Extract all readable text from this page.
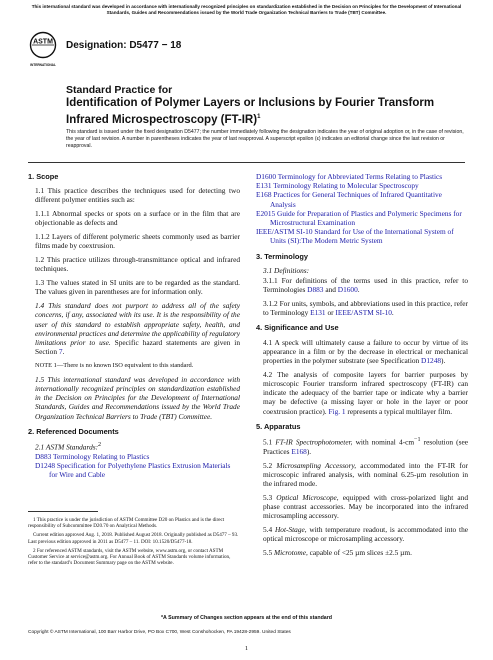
This international standard was developed in accordance with internationally recognized principles on standardization established in the Decision on Principles for the Development of International Standards, Guides and Recommendations issued by the World Trade Organization Technical Barriers to Trade (TBT) Committee.
ASTM
INTERNATIONAL
Designation: D5477 − 18
Standard Practice for
Identification of Polymer Layers or Inclusions by Fourier Transform Infrared Microspectroscopy $(FT-IR)^1$
This standard is issued under the fixed designation D5477; the number immediately following the designation indicates the year of original adoption or, in the case of revision, the year of last revision. A number in parentheses indicates the year of last reapproval. A superscript epsilon (ε) indicates an editorial change since the last revision or reapproval.
1. Scope

1.1 This practice describes the techniques used for detecting two different polymer entities such as:

1.1.1 Abnormal specks or spots on a surface or in the film that are objectionable as defects and

1.1.2 Layers of different polymeric sheets commonly used as barrier films made by coextrusion.

1.2 This practice utilizes through-transmittance optical and infrared techniques.

1.3 The values stated in SI units are to be regarded as the standard. The values given in parentheses are for information only.

1.4 This standard does not purport to address all of the safety concerns, if any, associated with its use. It is the responsibility of the user of this standard to establish appropriate safety, health, and environmental practices and determine the applicability of regulatory limitations prior to use. Specific hazard statements are given in Section 7.

NOTE 1—There is no known ISO equivalent to this standard.

1.5 This international standard was developed in accordance with internationally recognized principles on standardization established in the Decision on Principles for the Development of International Standards, Guides and Recommendations issued by the World Trade Organization Technical Barriers to Trade (TBT) Committee.

2. Referenced Documents

2.1 ASTM Standards:$^2$

D883 Terminology Relating to Plastics
D1248 Specification for Polyethylene Plastics Extrusion Materials for Wire and Cable

1 This practice is under the jurisdiction of ASTM Committee D20 on Plastics and is the direct responsibility of Subcommittee D20.70 on Analytical Methods.

Current edition approved Aug. 1, 2018. Published August 2018. Originally published as D5477 – 93. Last previous edition approved in 2011 as D5477 – 11. DOI: 10.1520/D5477-18.

2 For referenced ASTM standards, visit the ASTM website, www.astm.org, or contact ASTM Customer Service at service@astm.org. For Annual Book of ASTM Standards volume information, refer to the standard’s Document Summary page on the ASTM website.

D1600 Terminology for Abbreviated Terms Relating to Plastics
E131 Terminology Relating to Molecular Spectroscopy
E168 Practices for General Techniques of Infrared Quantitative Analysis
E2015 Guide for Preparation of Plastics and Polymeric Specimens for Microstructural Examination
IEEE/ASTM SI-10 Standard for Use of the International System of Units (SI):The Modern Metric System
3. Terminology

3.1 Definitions:

3.1.1 For definitions of the terms used in this practice, refer to Terminologies D883 and D1600.

3.1.2 For units, symbols, and abbreviations used in this practice, refer to Terminology E131 or IEEE/ASTM SI-10.

4. Significance and Use

4.1 A speck will ultimately cause a failure to occur by virtue of its appearance in a film or by the decrease in electrical or mechanical properties in the polymer substrate (see Specification D1248).

4.2 The analysis of composite layers for barrier purposes by microscopic Fourier transform infrared spectroscopy (FT-IR) can indicate the adequacy of the barrier tape or indicate why a barrier may be defective (a missing layer or hole in the layer or poor coextrusion practice). Fig. 1 represents a typical multilayer film.

5. Apparatus

5.1 FT-IR Spectrophotometer, with nominal $4-cm^{-1}$ resolution (see Practices E168).

5.2 Microsampling Accessory, accommodated into the FT-IR for microscopic infrared analysis, with nominal 6.25-µm resolution in the infrared mode.

5.3 Optical Microscope, equipped with cross-polarized light and phase contrast accessories. May be incorporated into the infrared microsampling accessory.

5.4 Hot-Stage, with temperature readout, is accommodated into the optical microscope or microsampling accessory.

5.5 Microtome, capable of <25 µm slices ±2.5 µm.

*A Summary of Changes section appears at the end of this standard
Copyright © ASTM International, 100 Barr Harbor Drive, PO Box C700, West Conshohocken, PA 19428-2959. United States
1
